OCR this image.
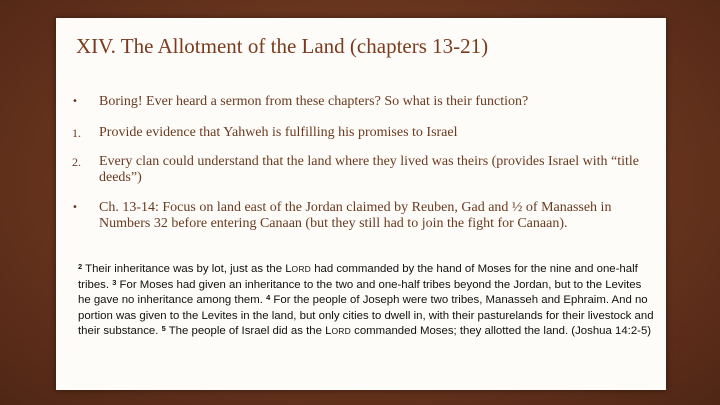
XIV. The Allotment of the Land (chapters 13-21)
•	Boring! Ever heard a sermon from these chapters? So what is their function?
1.	Provide evidence that Yahweh is fulfilling his promises to Israel
2.	Every clan could understand that the land where they lived was theirs (provides Israel with “title deeds”)
•	Ch. 13-14: Focus on land east of the Jordan claimed by Reuben, Gad and ½ of Manasseh in Numbers 32 before entering Canaan (but they still had to join the fight for Canaan).
$^2$ Their inheritance was by lot, just as the LORD had commanded by the hand of Moses for the nine and one-half tribes. $^3$ For Moses had given an inheritance to the two and one-half tribes beyond the Jordan, but to the Levites he gave no inheritance among them. $^4$ For the people of Joseph were two tribes, Manasseh and Ephraim. And no portion was given to the Levites in the land, but only cities to dwell in, with their pasturelands for their livestock and their substance. $^5$ The people of Israel did as the LORD commanded Moses; they allotted the land. (Joshua 14:2-5)
